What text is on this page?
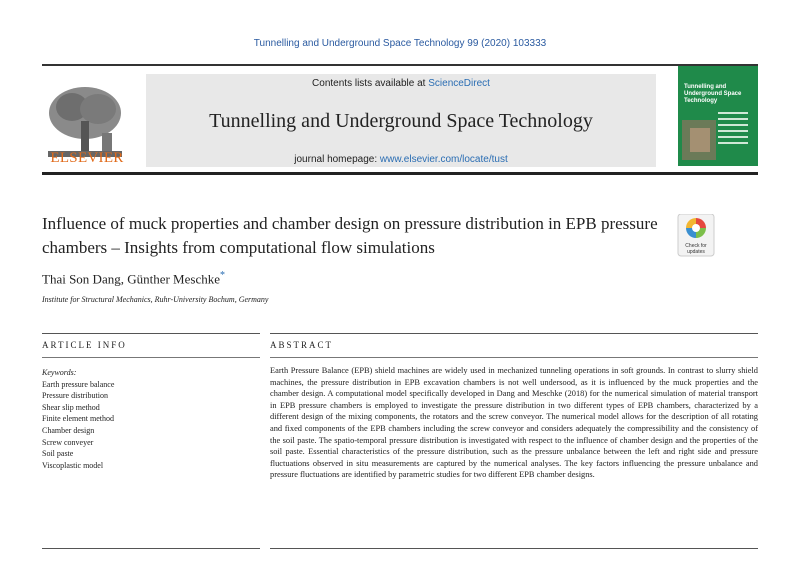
Tunnelling and Underground Space Technology 99 (2020) 103333
ELSEVIER
Contents lists available at ScienceDirect
Tunnelling and Underground Space Technology
journal homepage: www.elsevier.com/locate/tust
Tunnelling and Underground Space Technology
Influence of muck properties and chamber design on pressure distribution in EPB pressure chambers – Insights from computational flow simulations	Check for updates
Thai Son Dang, Günther Meschke*
Institute for Structural Mechanics, Ruhr-University Bochum, Germany
ARTICLE INFO	ABSTRACT
Keywords:
Earth pressure balance
Pressure distribution
Shear slip method
Finite element method
Chamber design
Screw conveyer
Soil paste
Viscoplastic model
Earth Pressure Balance (EPB) shield machines are widely used in mechanized tunneling operations in soft grounds. In contrast to slurry shield machines, the pressure distribution in EPB excavation chambers is not well undersood, as it is influenced by the muck properties and the chamber design. A computational model specifically developed in Dang and Meschke (2018) for the numerical simulation of material transport in EPB pressure chambers is employed to investigate the pressure distribution in two different types of EPB chambers, characterized by a different design of the mixing components, the rotators and the screw conveyor. The numerical model allows for the description of all rotating and fixed components of the EPB chambers including the screw conveyor and considers adequately the compressibility and the consistency of the soil paste. The spatio-temporal pressure distribution is investigated with respect to the influence of chamber design and the properties of the soil paste. Essential characteristics of the pressure distribution, such as the pressure unbalance between the left and right side and pressure fluctuations observed in situ measurements are captured by the numerical analyses. The key factors influencing the pressure unbalance and pressure fluctuations are identified by parametric studies for two different EPB chamber designs.
